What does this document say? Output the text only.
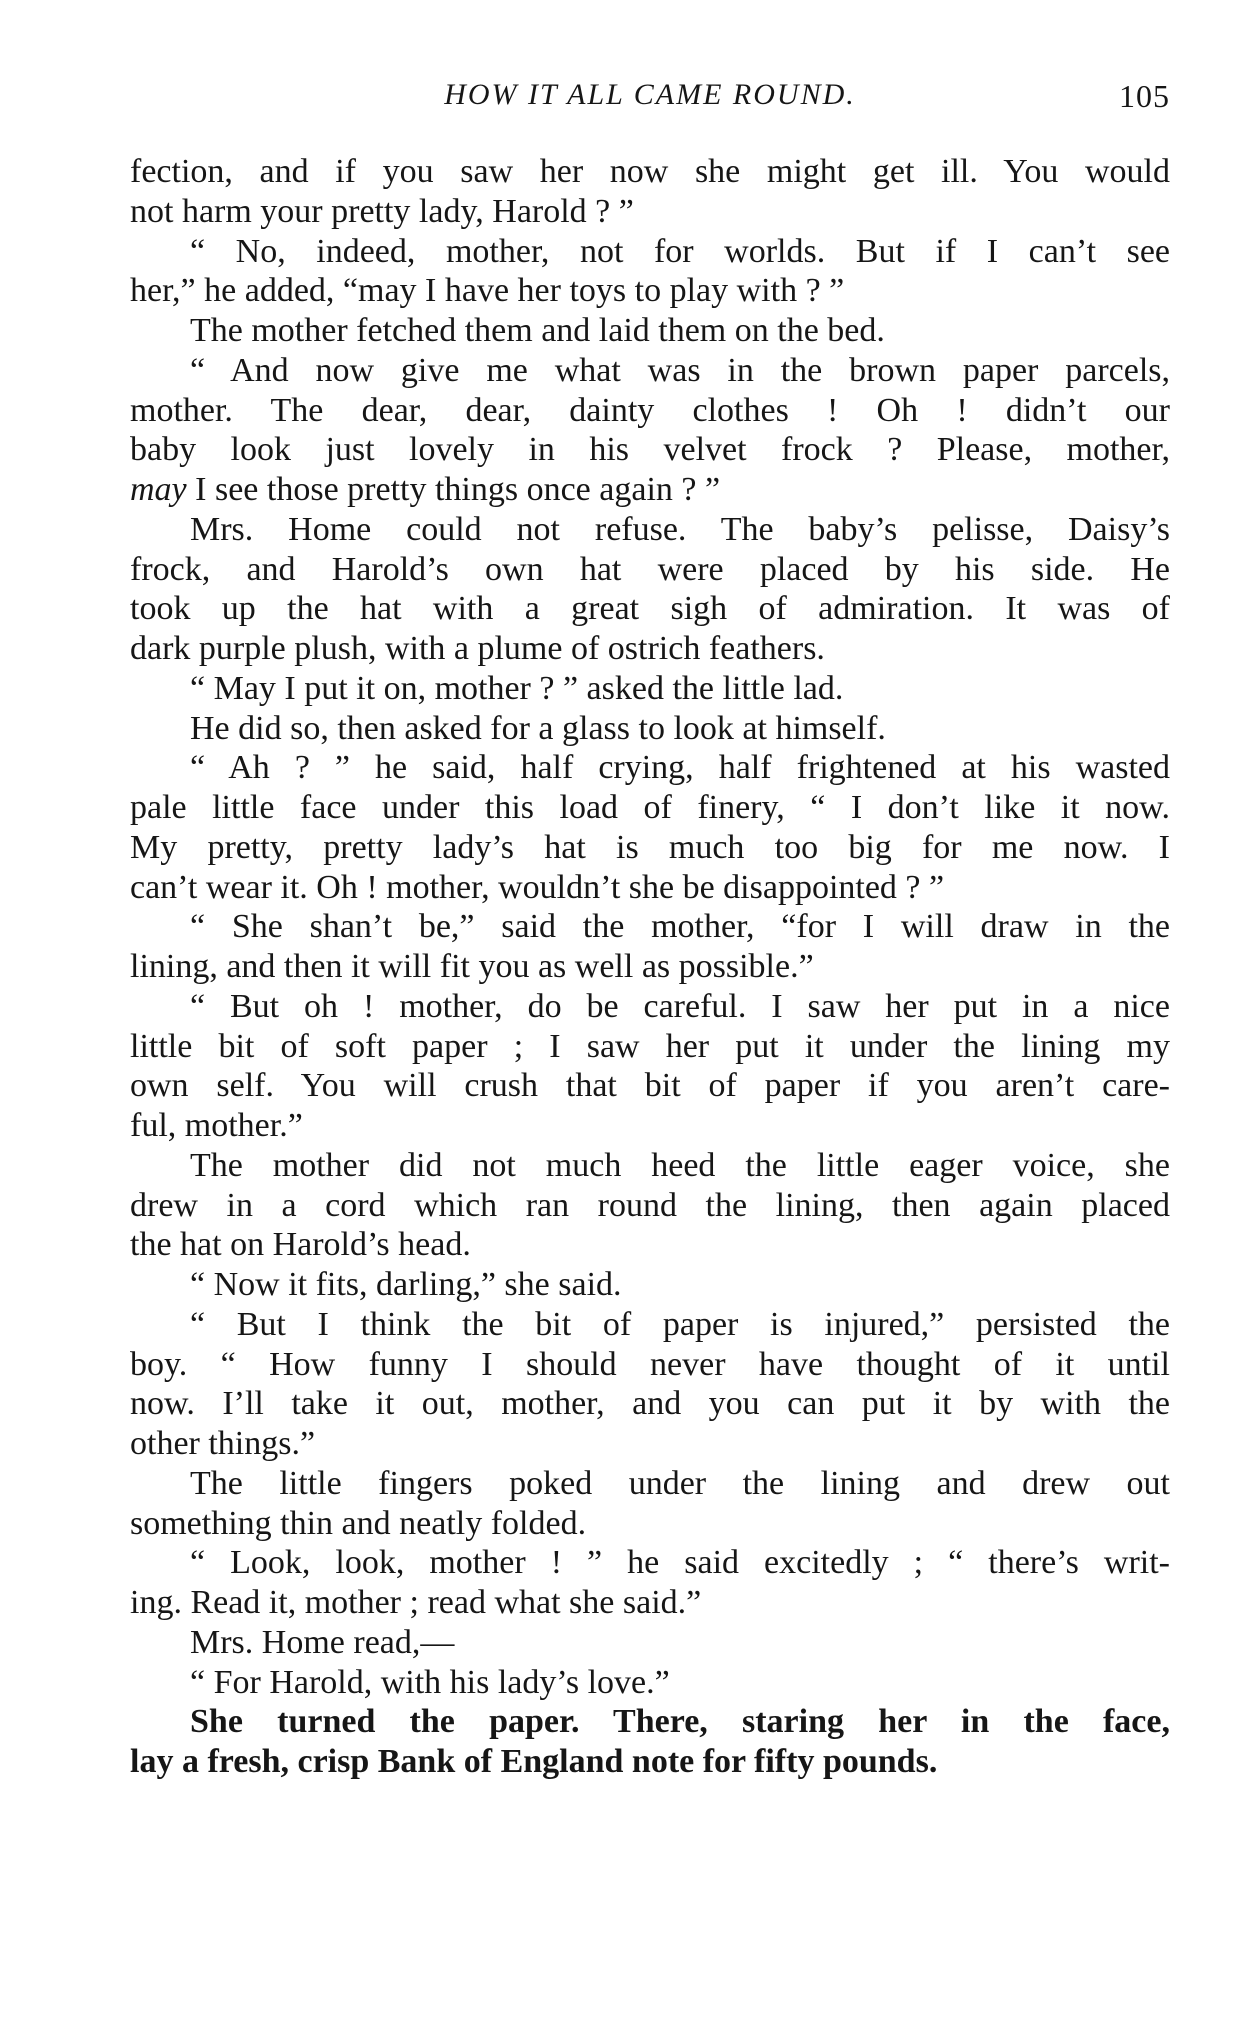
HOW IT ALL CAME ROUND.	105
fection, and if you saw her now she might get ill. You would
not harm your pretty lady, Harold ? ”
“ No, indeed, mother, not for worlds. But if I can’t see
her,” he added, “may I have her toys to play with ? ”
The mother fetched them and laid them on the bed.
“ And now give me what was in the brown paper parcels,
mother. The dear, dear, dainty clothes ! Oh ! didn’t our
baby look just lovely in his velvet frock ? Please, mother,
may I see those pretty things once again ? ”
Mrs. Home could not refuse. The baby’s pelisse, Daisy’s
frock, and Harold’s own hat were placed by his side. He
took up the hat with a great sigh of admiration. It was of
dark purple plush, with a plume of ostrich feathers.
“ May I put it on, mother ? ” asked the little lad.
He did so, then asked for a glass to look at himself.
“ Ah ? ” he said, half crying, half frightened at his wasted
pale little face under this load of finery, “ I don’t like it now.
My pretty, pretty lady’s hat is much too big for me now. I
can’t wear it. Oh ! mother, wouldn’t she be disappointed ? ”
“ She shan’t be,” said the mother, “for I will draw in the
lining, and then it will fit you as well as possible.”
“ But oh ! mother, do be careful. I saw her put in a nice
little bit of soft paper ; I saw her put it under the lining my
own self. You will crush that bit of paper if you aren’t care-
ful, mother.”
The mother did not much heed the little eager voice, she
drew in a cord which ran round the lining, then again placed
the hat on Harold’s head.
“ Now it fits, darling,” she said.
“ But I think the bit of paper is injured,” persisted the
boy. “ How funny I should never have thought of it until
now. I’ll take it out, mother, and you can put it by with the
other things.”
The little fingers poked under the lining and drew out
something thin and neatly folded.
“ Look, look, mother ! ” he said excitedly ; “ there’s writ-
ing. Read it, mother ; read what she said.”
Mrs. Home read,—
“ For Harold, with his lady’s love.”
She turned the paper. There, staring her in the face,
lay a fresh, crisp Bank of England note for fifty pounds.
